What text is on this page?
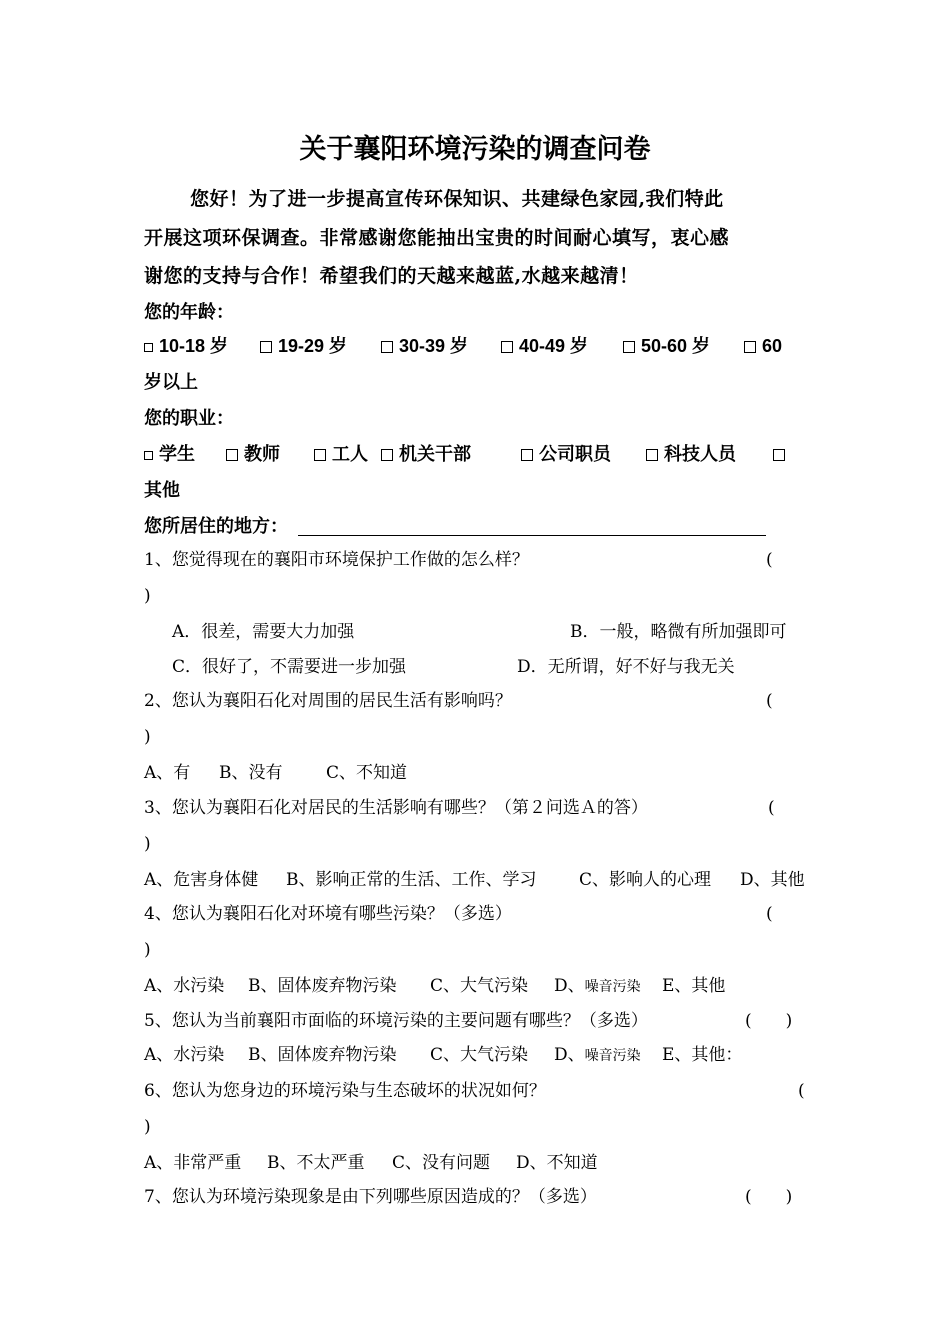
关于襄阳环境污染的调查问卷
您好！为了进一步提高宣传环保知识、共建绿色家园,我们特此
开展这项环保调查。非常感谢您能抽出宝贵的时间耐心填写，衷心感
谢您的支持与合作！希望我们的天越来越蓝,水越来越清！
您的年龄：
10-18 岁	19-29 岁	30-39 岁	40-49 岁	50-60 岁	60
岁以上
您的职业：
学生	教师	工人	机关干部	公司职员	科技人员
其他
您所居住的地方：
1、您觉得现在的襄阳市环境保护工作做的怎么样？	(
)
A．很差，需要大力加强	B．一般，略微有所加强即可
C．很好了，不需要进一步加强	D．无所谓，好不好与我无关
2、您认为襄阳石化对周围的居民生活有影响吗？	(
)
A、有 B、没有	C、不知道
3、您认为襄阳石化对居民的生活影响有哪些？（第２问选Ａ的答）	(
)
A、危害身体健 B、影响正常的生活、工作、学习	C、影响人的心理 D、其他
4、您认为襄阳石化对环境有哪些污染？（多选）	(
)
A、水污染 B、固体废弃物污染 C、大气污染 D、噪音污染 E、其他
5、您认为当前襄阳市面临的环境污染的主要问题有哪些？（多选）	(　　)
A、水污染 B、固体废弃物污染 C、大气污染 D、噪音污染 E、其他：
6、您认为您身边的环境污染与生态破坏的状况如何？	(
)
A、非常严重 B、不太严重 C、没有问题 D、不知道
7、您认为环境污染现象是由下列哪些原因造成的？（多选）	(　　)
